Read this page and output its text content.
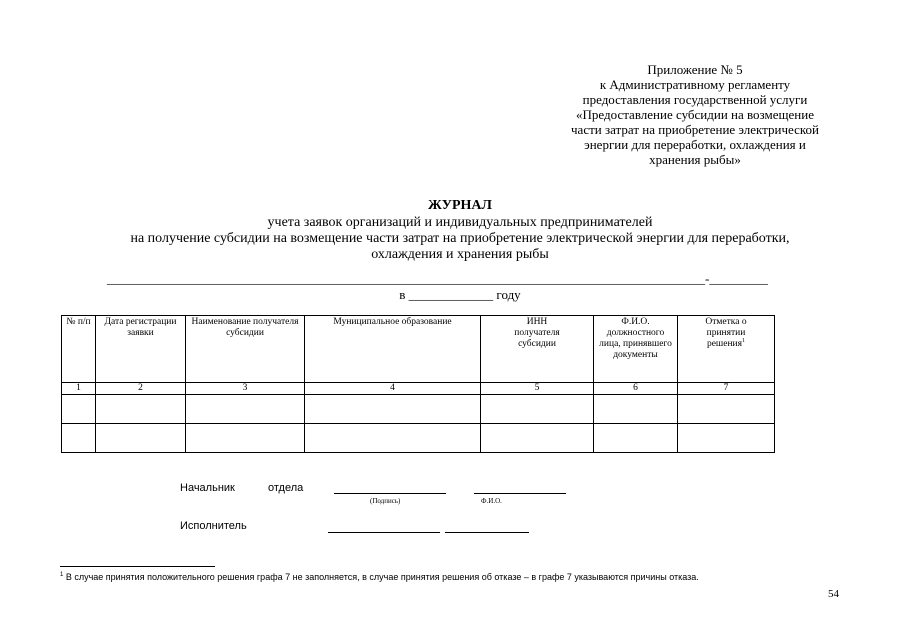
Приложение № 5
к Административному регламенту
предоставления государственной услуги
«Предоставление субсидии на возмещение
части затрат на приобретение электрической
энергии для переработки, охлаждения и
хранения рыбы»
ЖУРНАЛ
учета заявок организаций и индивидуальных предпринимателей
на получение субсидии на возмещение части затрат на приобретение электрической энергии для переработки,
охлаждения и хранения рыбы
____________________________________________________________________________________________-_________
в _____________ году
№ п/п	Дата регистрации заявки	Наименование получателя субсидии	Муниципальное образование	ИНН получателя субсидии	Ф.И.О. должностного лица, принявшего документы	Отметка о принятии решения$^1$
1	2	3	4	5	6	7

Начальник	отдела
(Подпись)	Ф.И.О.
Исполнитель
$^1$ В случае принятия положительного решения графа 7 не заполняется, в случае принятия решения об отказе – в графе 7 указываются причины отказа.
54
